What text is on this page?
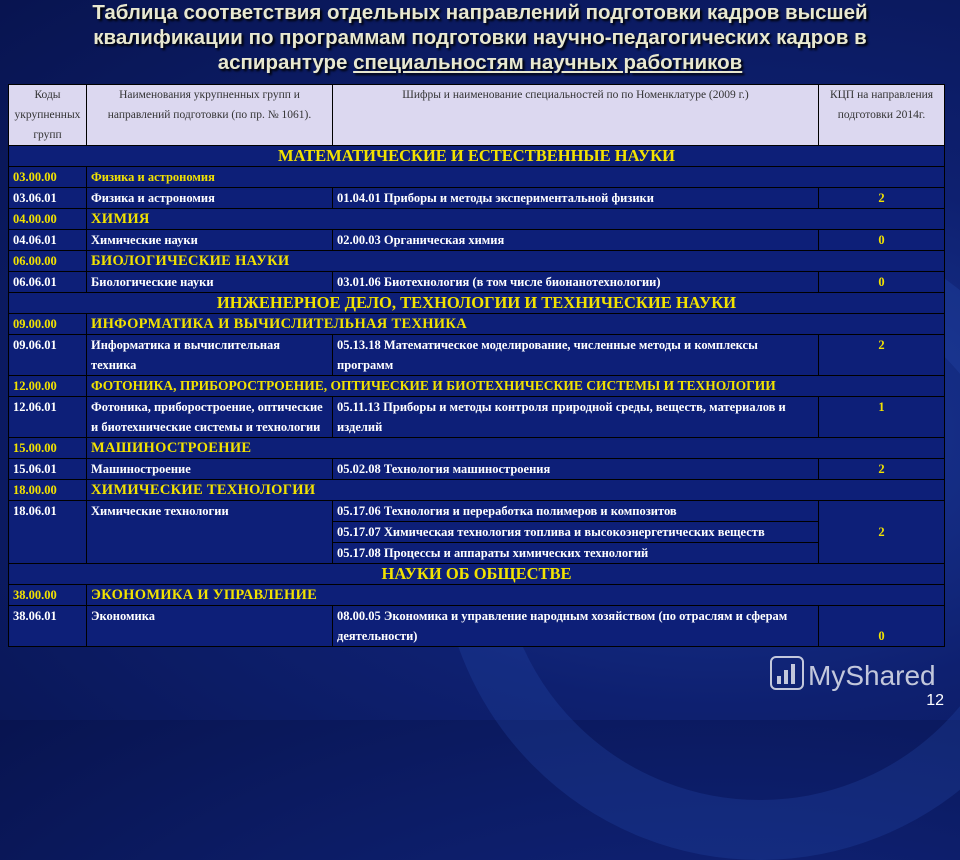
Таблица соответствия отдельных направлений подготовки кадров высшей
квалификации по программам подготовки научно-педагогических кадров в
аспирантуре специальностям научных работников
Коды укрупненных групп	Наименования укрупненных групп и направлений подготовки (по пр. № 1061).	Шифры и наименование специальностей по по Номенклатуре (2009 г.)	КЦП на направления подготовки 2014г.
МАТЕМАТИЧЕСКИЕ И ЕСТЕСТВЕННЫЕ НАУКИ			
03.00.00	Физика и астрономия		
03.06.01	Физика и астрономия	01.04.01 Приборы и методы экспериментальной физики	2
04.00.00	ХИМИЯ		
04.06.01	Химические науки	02.00.03 Органическая химия	0
06.00.00	БИОЛОГИЧЕСКИЕ НАУКИ		
06.06.01	Биологические науки	03.01.06 Биотехнология (в том числе бионанотехнологии)	0
ИНЖЕНЕРНОЕ ДЕЛО, ТЕХНОЛОГИИ И ТЕХНИЧЕСКИЕ НАУКИ			
09.00.00	ИНФОРМАТИКА И ВЫЧИСЛИТЕЛЬНАЯ ТЕХНИКА		
09.06.01	Информатика и вычислительная техника	05.13.18 Математическое моделирование, численные методы и комплексы программ	2
12.00.00	ФОТОНИКА, ПРИБОРОСТРОЕНИЕ, ОПТИЧЕСКИЕ И БИОТЕХНИЧЕСКИЕ СИСТЕМЫ И ТЕХНОЛОГИИ		
12.06.01	Фотоника, приборостроение, оптические и биотехнические системы и технологии	05.11.13 Приборы и методы контроля природной среды, веществ, материалов и изделий	1
15.00.00	МАШИНОСТРОЕНИЕ		
15.06.01	Машиностроение	05.02.08 Технология машиностроения	2
18.00.00	ХИМИЧЕСКИЕ ТЕХНОЛОГИИ		
18.06.01	Химические технологии	05.17.06 Технология и переработка полимеров и композитов	2
		05.17.07 Химическая технология топлива и высокоэнергетических веществ	
		05.17.08 Процессы и аппараты химических технологий	
НАУКИ ОБ ОБЩЕСТВЕ			
38.00.00	ЭКОНОМИКА И УПРАВЛЕНИЕ		
38.06.01	Экономика	08.00.05 Экономика и управление народным хозяйством (по отраслям и сферам деятельности)	0
MyShared
12
